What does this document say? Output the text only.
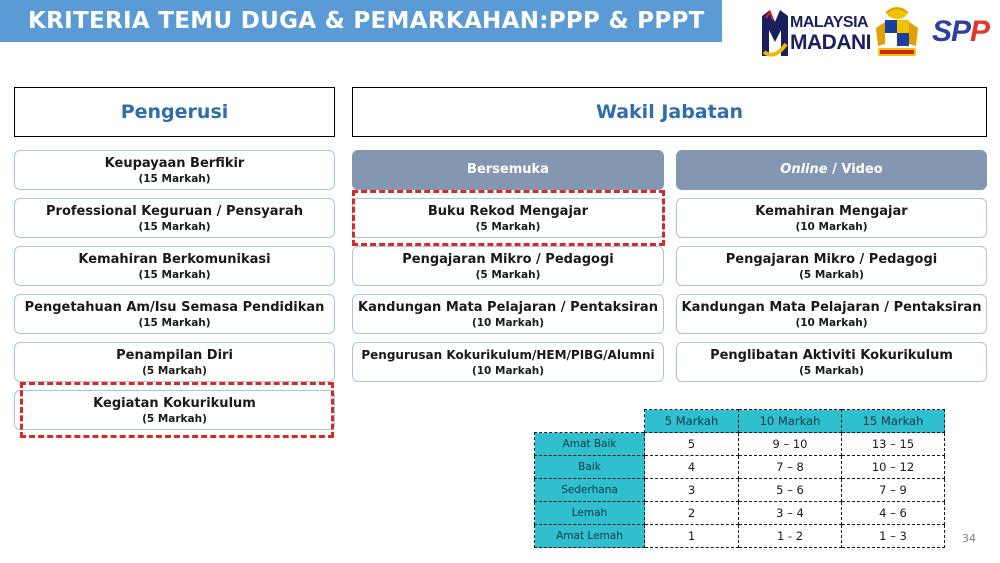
KRITERIA TEMU DUGA & PEMARKAHAN:PPP & PPPT	MALAYSIA
MADANI SPP
Pengerusi	Wakil Jabatan
Bersemuka	Online / Video
Keupayaan Berfikir
(15 Markah)
Professional Keguruan / Pensyarah
(15 Markah)
Kemahiran Berkomunikasi
(15 Markah)
Pengetahuan Am/Isu Semasa Pendidikan
(15 Markah)
Penampilan Diri
(5 Markah)
Kegiatan Kokurikulum
(5 Markah)
Buku Rekod Mengajar
(5 Markah)
Pengajaran Mikro / Pedagogi
(5 Markah)
Kandungan Mata Pelajaran / Pentaksiran
(10 Markah)
Pengurusan Kokurikulum/HEM/PIBG/Alumni
(10 Markah)
Kemahiran Mengajar
(10 Markah)
Pengajaran Mikro / Pedagogi
(5 Markah)
Kandungan Mata Pelajaran / Pentaksiran
(10 Markah)
Penglibatan Aktiviti Kokurikulum
(5 Markah)
	5 Markah	10 Markah	15 Markah
Amat Baik	5	9 – 10	13 – 15
Baik	4	7 – 8	10 – 12
Sederhana	3	5 – 6	7 – 9
Lemah	2	3 – 4	4 – 6
Amat Lemah	1	1 - 2	1 – 3	34
